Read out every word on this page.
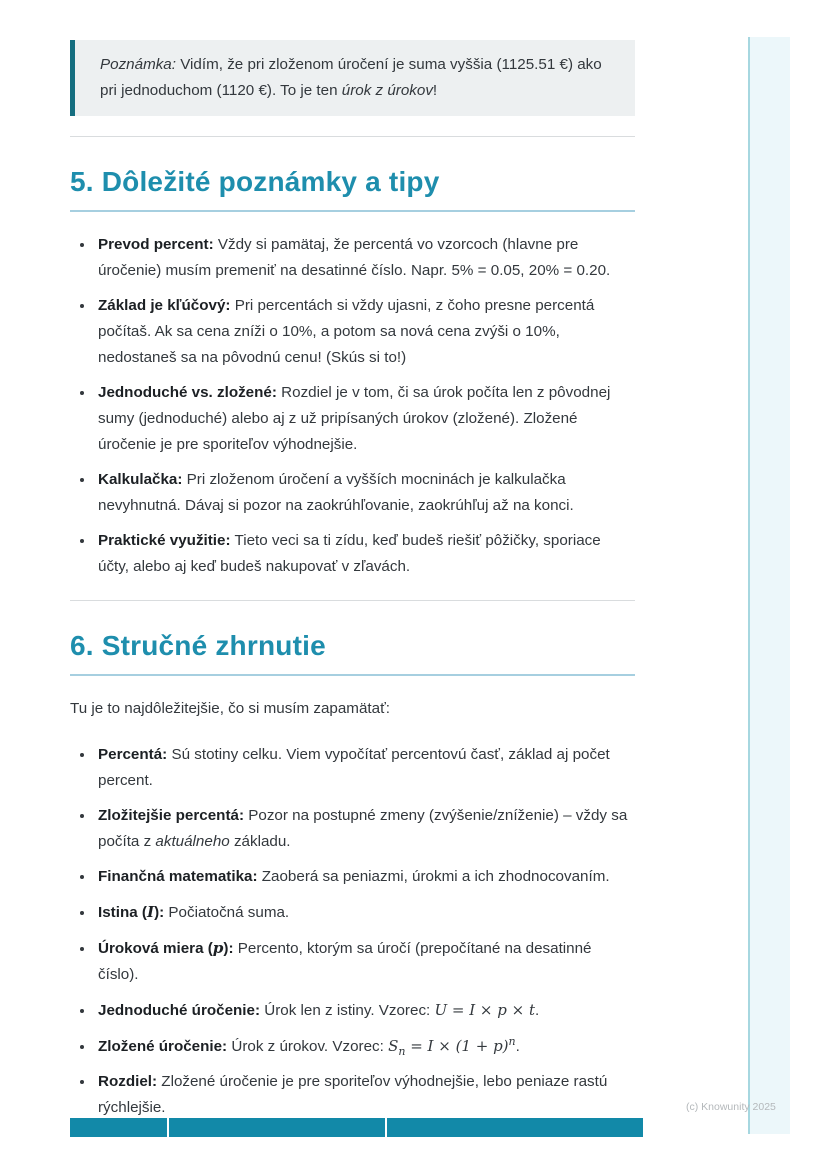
Poznámka: Vidím, že pri zloženom úročení je suma vyššia (1125.51 €) ako pri jednoduchom (1120 €). To je ten úrok z úrokov!
5. Dôležité poznámky a tipy
• Prevod percent: Vždy si pamätaj, že percentá vo vzorcoch (hlavne pre úročenie) musím premeniť na desatinné číslo. Napr. 5% = 0.05, 20% = 0.20.
• Základ je kľúčový: Pri percentách si vždy ujasni, z čoho presne percentá počítaš. Ak sa cena zníži o 10%, a potom sa nová cena zvýši o 10%, nedostaneš sa na pôvodnú cenu! (Skús si to!)
• Jednoduché vs. zložené: Rozdiel je v tom, či sa úrok počíta len z pôvodnej sumy (jednoduché) alebo aj z už pripísaných úrokov (zložené). Zložené úročenie je pre sporiteľov výhodnejšie.
• Kalkulačka: Pri zloženom úročení a vyšších mocninách je kalkulačka nevyhnutná. Dávaj si pozor na zaokrúhľovanie, zaokrúhľuj až na konci.
• Praktické využitie: Tieto veci sa ti zídu, keď budeš riešiť pôžičky, sporiace účty, alebo aj keď budeš nakupovať v zľavách.
6. Stručné zhrnutie

Tu je to najdôležitejšie, čo si musím zapamätať:

• Percentá: Sú stotiny celku. Viem vypočítať percentovú časť, základ aj počet percent.
• Zložitejšie percentá: Pozor na postupné zmeny (zvýšenie/zníženie) – vždy sa počíta z aktuálneho základu.
• Finančná matematika: Zaoberá sa peniazmi, úrokmi a ich zhodnocovaním.
• Istina (I): Počiatočná suma.
• Úroková miera (p): Percento, ktorým sa úročí (prepočítané na desatinné číslo).
• Jednoduché úročenie: Úrok len z istiny. Vzorec: U = I × p × t.
• Zložené úročenie: Úrok z úrokov. Vzorec: $S_n = I \times (1 + p)^n$.
• Rozdiel: Zložené úročenie je pre sporiteľov výhodnejšie, lebo peniaze rastú rýchlejšie.	(c) Knowunity 2025
